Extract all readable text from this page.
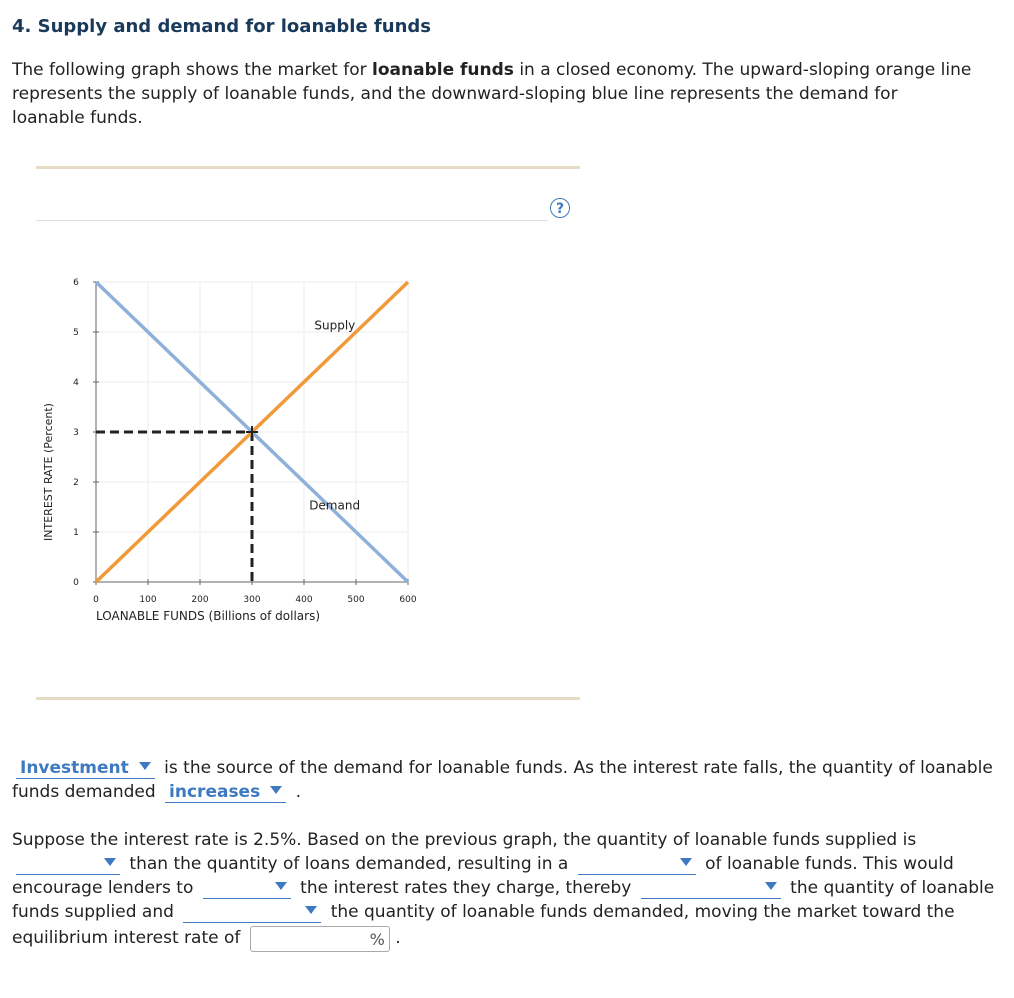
4. Supply and demand for loanable funds
The following graph shows the market for loanable funds in a closed economy. The upward-sloping orange line represents the supply of loanable funds, and the downward-sloping blue line represents the demand for loanable funds.
?
0	100	200	300	400	500	600
0
1
2
3
4
5
6
Supply
Demand
LOANABLE FUNDS (Billions of dollars)
INTEREST RATE (Percent)
Investment
is the source of the demand for loanable funds. As the interest rate falls, the quantity of loanable funds demanded increases
.
Suppose the interest rate is 2.5%. Based on the previous graph, the quantity of loanable funds supplied is
than the quantity of loans demanded, resulting in a	of loanable funds. This would encourage lenders to	the interest rates they charge, thereby	the quantity of loanable funds supplied and	the quantity of loanable funds demanded, moving the market toward the equilibrium interest rate of	% .
